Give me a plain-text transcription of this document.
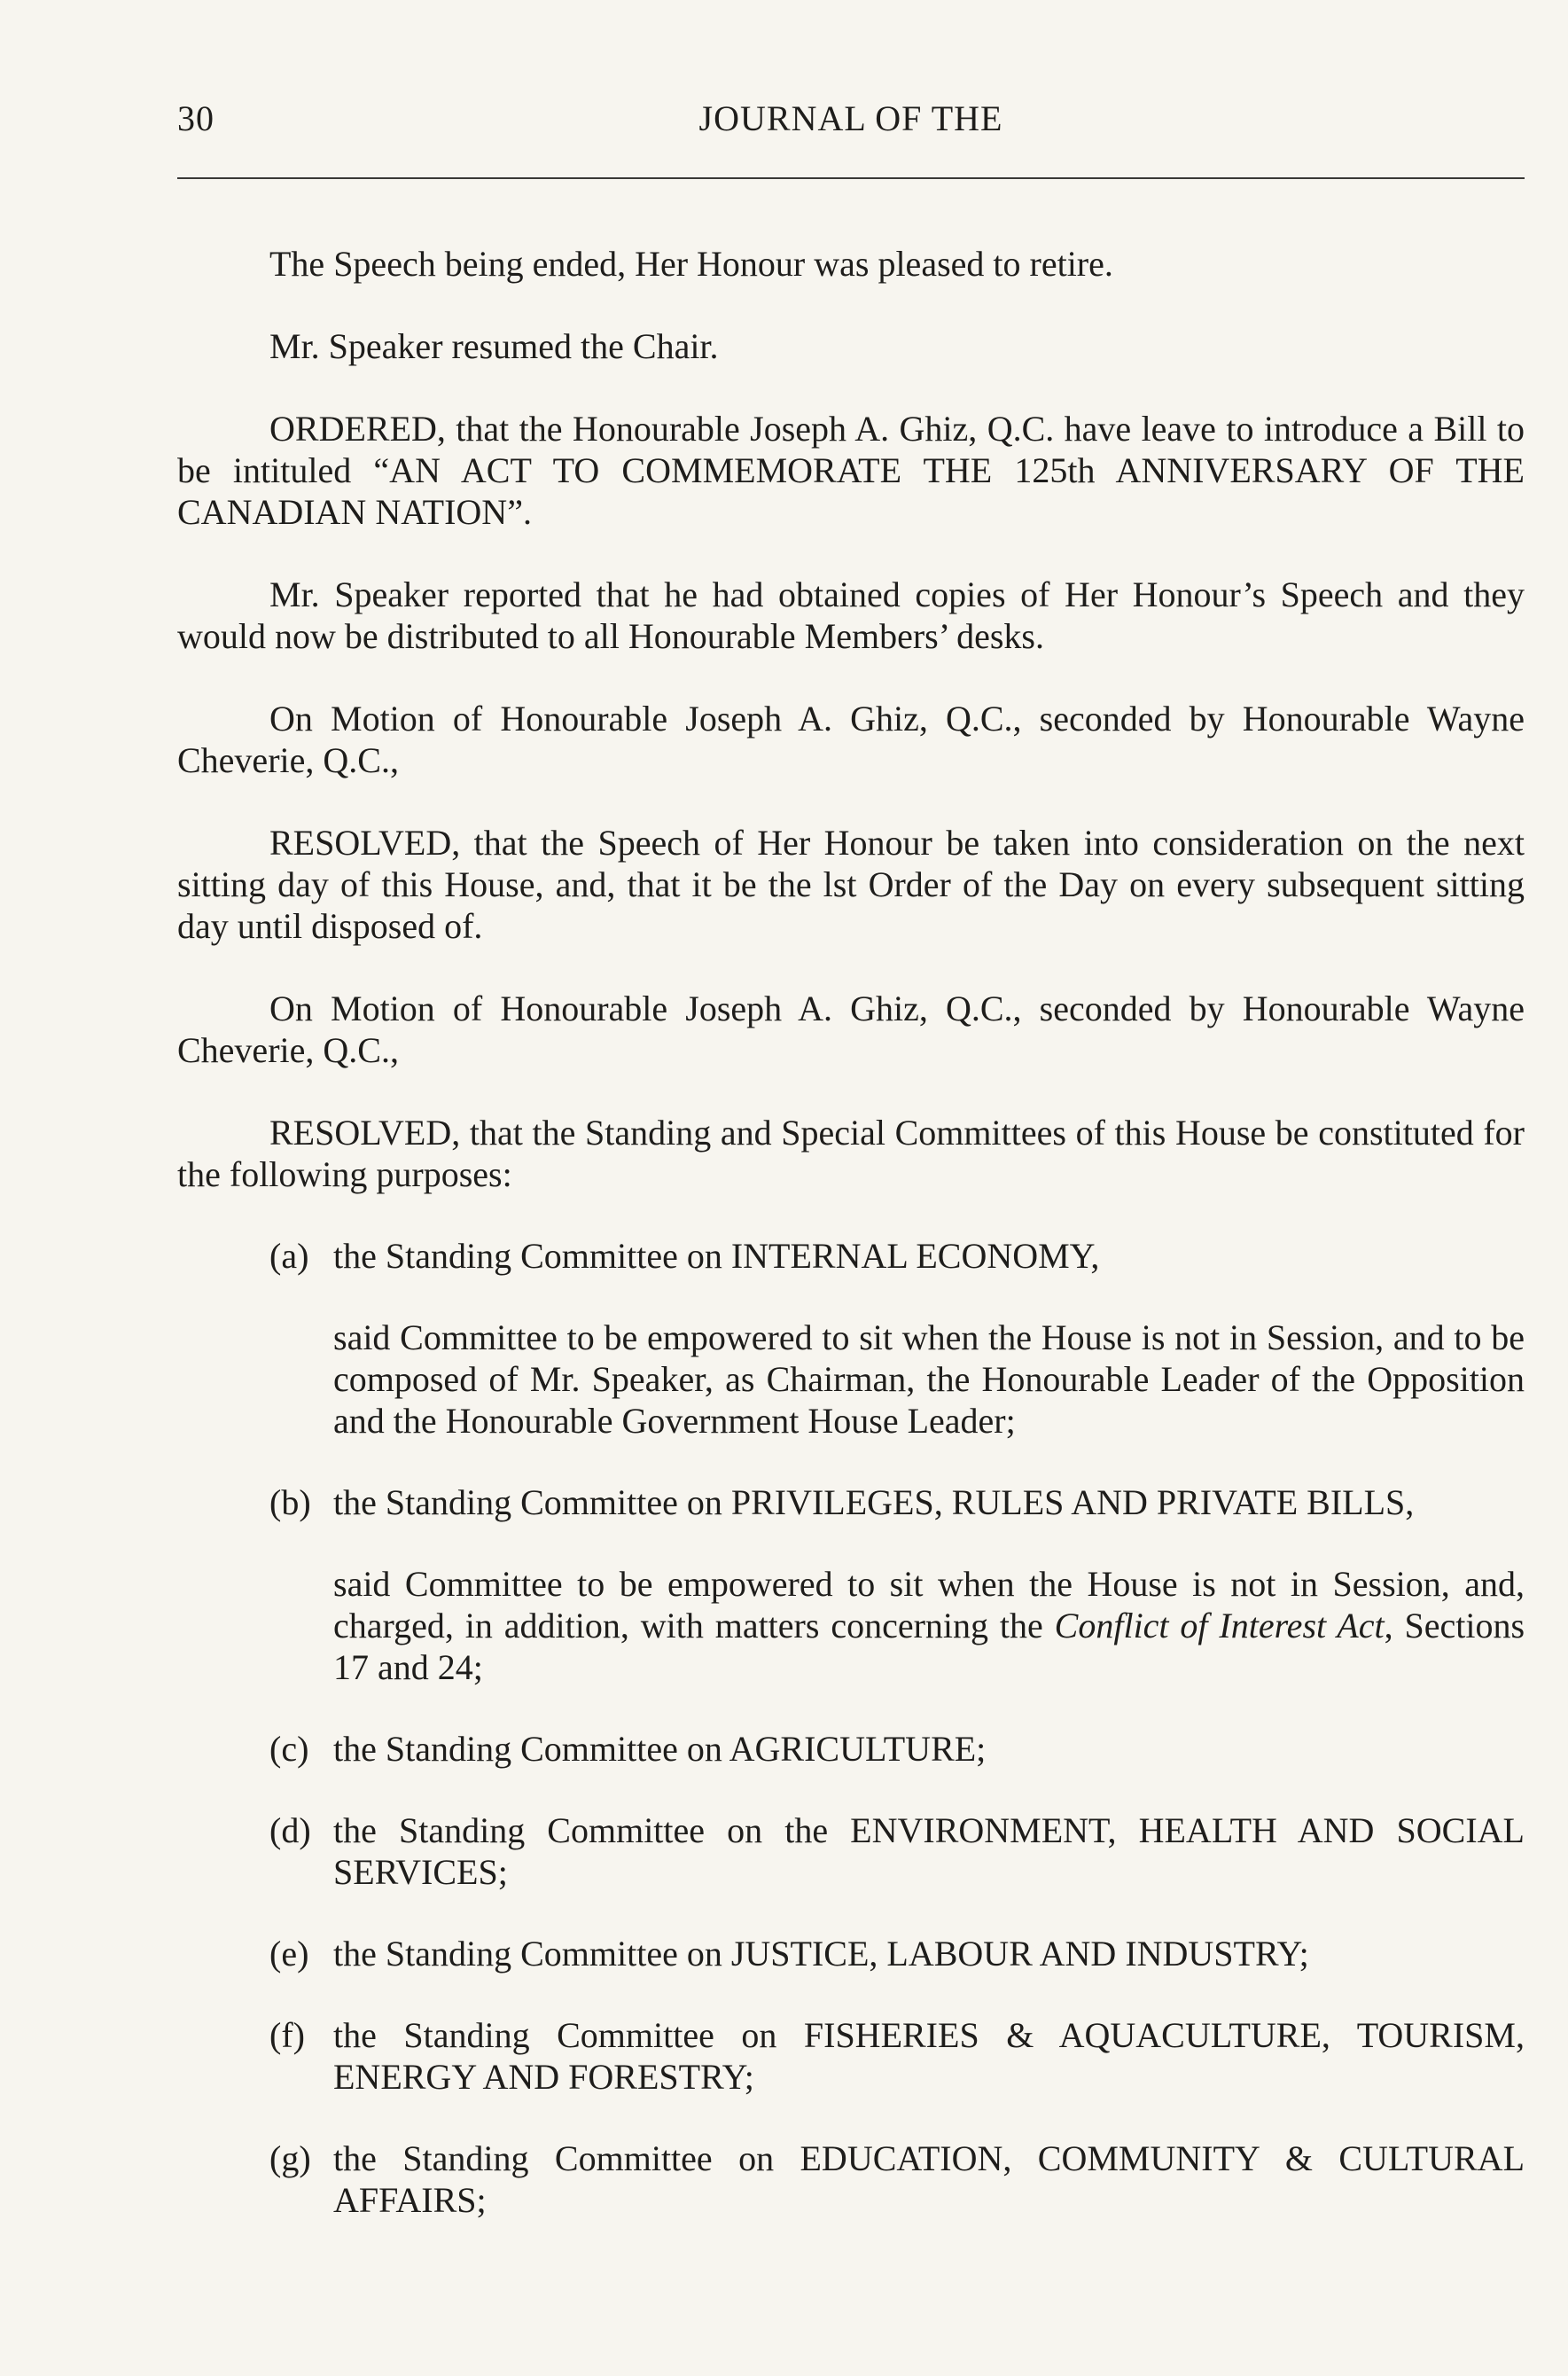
30	JOURNAL OF THE

The Speech being ended, Her Honour was pleased to retire.

Mr. Speaker resumed the Chair.

ORDERED, that the Honourable Joseph A. Ghiz, Q.C. have leave to introduce a Bill to be intituled “AN ACT TO COMMEMORATE THE 125th ANNIVERSARY OF THE CANADIAN NATION”.

Mr. Speaker reported that he had obtained copies of Her Honour’s Speech and they would now be distributed to all Honourable Members’ desks.

On Motion of Honourable Joseph A. Ghiz, Q.C., seconded by Honourable Wayne Cheverie, Q.C.,

RESOLVED, that the Speech of Her Honour be taken into consideration on the next sitting day of this House, and, that it be the lst Order of the Day on every subsequent sitting day until disposed of.

On Motion of Honourable Joseph A. Ghiz, Q.C., seconded by Honourable Wayne Cheverie, Q.C.,

RESOLVED, that the Standing and Special Committees of this House be constituted for the following purposes:

(a) the Standing Committee on INTERNAL ECONOMY,
said Committee to be empowered to sit when the House is not in Session, and to be composed of Mr. Speaker, as Chairman, the Honourable Leader of the Opposition and the Honourable Government House Leader;
(b) the Standing Committee on PRIVILEGES, RULES AND PRIVATE BILLS,
said Committee to be empowered to sit when the House is not in Session, and, charged, in addition, with matters concerning the Conflict of Interest Act, Sections 17 and 24;
(c) the Standing Committee on AGRICULTURE;
(d) the Standing Committee on the ENVIRONMENT, HEALTH AND SOCIAL SERVICES;
(e) the Standing Committee on JUSTICE, LABOUR AND INDUSTRY;
(f) the Standing Committee on FISHERIES & AQUACULTURE, TOURISM, ENERGY AND FORESTRY;
(g) the Standing Committee on EDUCATION, COMMUNITY & CULTURAL AFFAIRS;
